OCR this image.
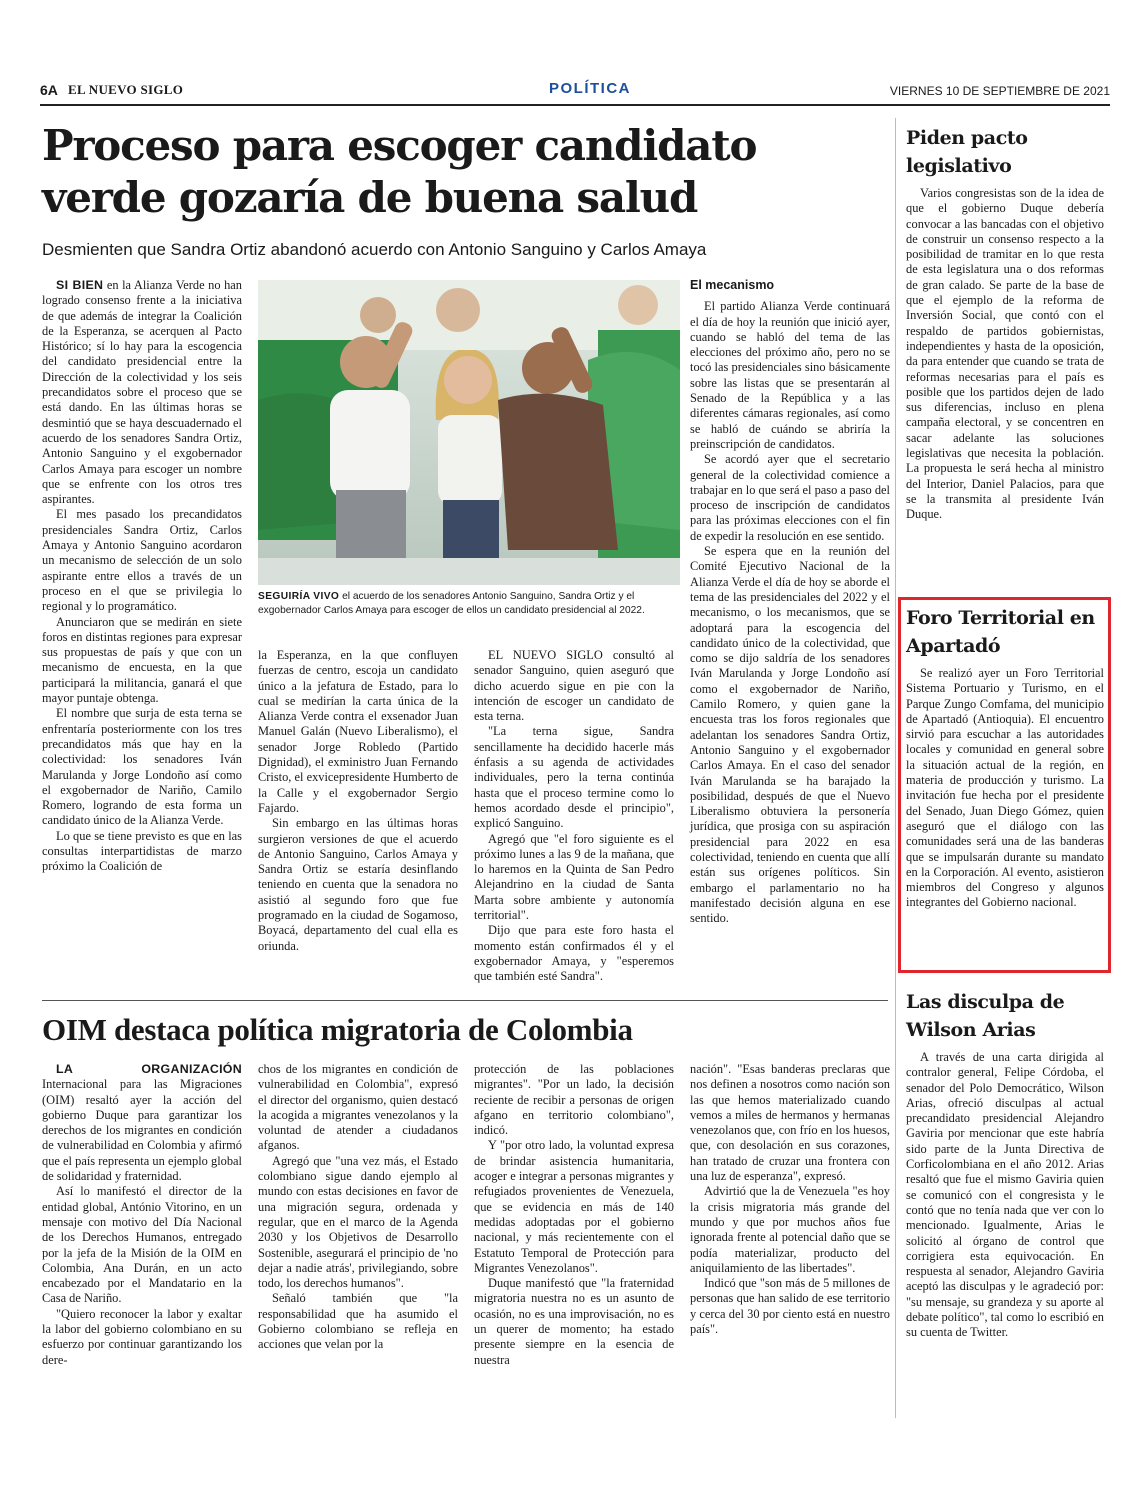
6A EL NUEVO SIGLO	POLÍTICA	VIERNES 10 DE SEPTIEMBRE DE 2021
Proceso para escoger candidato verde gozaría de buena salud
Desmienten que Sandra Ortiz abandonó acuerdo con Antonio Sanguino y Carlos Amaya

SI BIEN en la Alianza Verde no han logrado consenso frente a la iniciativa de que además de integrar la Coalición de la Esperanza, se acerquen al Pacto Histórico; sí lo hay para la escogencia del candidato presidencial entre la Dirección de la colectividad y los seis precandidatos sobre el proceso que se está dando. En las últimas horas se desmintió que se haya descuadernado el acuerdo de los senadores Sandra Ortiz, Antonio Sanguino y el exgobernador Carlos Amaya para escoger un nombre que se enfrente con los otros tres aspirantes.

El mes pasado los precandidatos presidenciales Sandra Ortiz, Carlos Amaya y Antonio Sanguino acordaron un mecanismo de selección de un solo aspirante entre ellos a través de un proceso en el que se privilegia lo regional y lo programático.

Anunciaron que se medirán en siete foros en distintas regiones para expresar sus propuestas de país y que con un mecanismo de encuesta, en la que participará la militancia, ganará el que mayor puntaje obtenga.

El nombre que surja de esta terna se enfrentaría posteriormente con los tres precandidatos más que hay en la colectividad: los senadores Iván Marulanda y Jorge Londoño así como el exgobernador de Nariño, Camilo Romero, logrando de esta forma un candidato único de la Alianza Verde.

Lo que se tiene previsto es que en las consultas interpartidistas de marzo próximo la Coalición de

SEGUIRÍA VIVO el acuerdo de los senadores Antonio Sanguino, Sandra Ortiz y el exgobernador Carlos Amaya para escoger de ellos un candidato presidencial al 2022.

la Esperanza, en la que confluyen fuerzas de centro, escoja un candidato único a la jefatura de Estado, para lo cual se medirían la carta única de la Alianza Verde contra el exsenador Juan Manuel Galán (Nuevo Liberalismo), el senador Jorge Robledo (Partido Dignidad), el exministro Juan Fernando Cristo, el exvicepresidente Humberto de la Calle y el exgobernador Sergio Fajardo.

Sin embargo en las últimas horas surgieron versiones de que el acuerdo de Antonio Sanguino, Carlos Amaya y Sandra Ortiz se estaría desinflando teniendo en cuenta que la senadora no asistió al segundo foro que fue programado en la ciudad de Sogamoso, Boyacá, departamento del cual ella es oriunda.

EL NUEVO SIGLO consultó al senador Sanguino, quien aseguró que dicho acuerdo sigue en pie con la intención de escoger un candidato de esta terna.

"La terna sigue, Sandra sencillamente ha decidido hacerle más énfasis a su agenda de actividades individuales, pero la terna continúa hasta que el proceso termine como lo hemos acordado desde el principio", explicó Sanguino.

Agregó que "el foro siguiente es el próximo lunes a las 9 de la mañana, que lo haremos en la Quinta de San Pedro Alejandrino en la ciudad de Santa Marta sobre ambiente y autonomía territorial".

Dijo que para este foro hasta el momento están confirmados él y el exgobernador Amaya, y "esperemos que también esté Sandra".

El mecanismo

El partido Alianza Verde continuará el día de hoy la reunión que inició ayer, cuando se habló del tema de las elecciones del próximo año, pero no se tocó las presidenciales sino básicamente sobre las listas que se presentarán al Senado de la República y a las diferentes cámaras regionales, así como se habló de cuándo se abriría la preinscripción de candidatos.

Se acordó ayer que el secretario general de la colectividad comience a trabajar en lo que será el paso a paso del proceso de inscripción de candidatos para las próximas elecciones con el fin de expedir la resolución en ese sentido.

Se espera que en la reunión del Comité Ejecutivo Nacional de la Alianza Verde el día de hoy se aborde el tema de las presidenciales del 2022 y el mecanismo, o los mecanismos, que se adoptará para la escogencia del candidato único de la colectividad, que como se dijo saldría de los senadores Iván Marulanda y Jorge Londoño así como el exgobernador de Nariño, Camilo Romero, y quien gane la encuesta tras los foros regionales que adelantan los senadores Sandra Ortiz, Antonio Sanguino y el exgobernador Carlos Amaya. En el caso del senador Iván Marulanda se ha barajado la posibilidad, después de que el Nuevo Liberalismo obtuviera la personería jurídica, que prosiga con su aspiración presidencial para 2022 en esa colectividad, teniendo en cuenta que allí están sus orígenes políticos. Sin embargo el parlamentario no ha manifestado decisión alguna en ese sentido.

OIM destaca política migratoria de Colombia

LA ORGANIZACIÓN Internacional para las Migraciones (OIM) resaltó ayer la acción del gobierno Duque para garantizar los derechos de los migrantes en condición de vulnerabilidad en Colombia y afirmó que el país representa un ejemplo global de solidaridad y fraternidad.

Así lo manifestó el director de la entidad global, António Vitorino, en un mensaje con motivo del Día Nacional de los Derechos Humanos, entregado por la jefa de la Misión de la OIM en Colombia, Ana Durán, en un acto encabezado por el Mandatario en la Casa de Nariño.

"Quiero reconocer la labor y exaltar la labor del gobierno colombiano en su esfuerzo por continuar garantizando los dere-

chos de los migrantes en condición de vulnerabilidad en Colombia", expresó el director del organismo, quien destacó la acogida a migrantes venezolanos y la voluntad de atender a ciudadanos afganos.

Agregó que "una vez más, el Estado colombiano sigue dando ejemplo al mundo con estas decisiones en favor de una migración segura, ordenada y regular, que en el marco de la Agenda 2030 y los Objetivos de Desarrollo Sostenible, asegurará el principio de 'no dejar a nadie atrás', privilegiando, sobre todo, los derechos humanos".

Señaló también que "la responsabilidad que ha asumido el Gobierno colombiano se refleja en acciones que velan por la

protección de las poblaciones migrantes". "Por un lado, la decisión reciente de recibir a personas de origen afgano en territorio colombiano", indicó.

Y "por otro lado, la voluntad expresa de brindar asistencia humanitaria, acoger e integrar a personas migrantes y refugiados provenientes de Venezuela, que se evidencia en más de 140 medidas adoptadas por el gobierno nacional, y más recientemente con el Estatuto Temporal de Protección para Migrantes Venezolanos".

Duque manifestó que "la fraternidad migratoria nuestra no es un asunto de ocasión, no es una improvisación, no es un querer de momento; ha estado presente siempre en la esencia de nuestra

nación". "Esas banderas preclaras que nos definen a nosotros como nación son las que hemos materializado cuando vemos a miles de hermanos y hermanas venezolanos que, con frío en los huesos, que, con desolación en sus corazones, han tratado de cruzar una frontera con una luz de esperanza", expresó.

Advirtió que la de Venezuela "es hoy la crisis migratoria más grande del mundo y que por muchos años fue ignorada frente al potencial daño que se podía materializar, producto del aniquilamiento de las libertades".

Indicó que "son más de 5 millones de personas que han salido de ese territorio y cerca del 30 por ciento está en nuestro país".

Piden pacto legislativo

Varios congresistas son de la idea de que el gobierno Duque debería convocar a las bancadas con el objetivo de construir un consenso respecto a la posibilidad de tramitar en lo que resta de esta legislatura una o dos reformas de gran calado. Se parte de la base de que el ejemplo de la reforma de Inversión Social, que contó con el respaldo de partidos gobiernistas, independientes y hasta de la oposición, da para entender que cuando se trata de reformas necesarias para el país es posible que los partidos dejen de lado sus diferencias, incluso en plena campaña electoral, y se concentren en sacar adelante las soluciones legislativas que necesita la población. La propuesta le será hecha al ministro del Interior, Daniel Palacios, para que se la transmita al presidente Iván Duque.

Foro Territorial en Apartadó

Se realizó ayer un Foro Territorial Sistema Portuario y Turismo, en el Parque Zungo Comfama, del municipio de Apartadó (Antioquia). El encuentro sirvió para escuchar a las autoridades locales y comunidad en general sobre la situación actual de la región, en materia de producción y turismo. La invitación fue hecha por el presidente del Senado, Juan Diego Gómez, quien aseguró que el diálogo con las comunidades será una de las banderas que se impulsarán durante su mandato en la Corporación. Al evento, asistieron miembros del Congreso y algunos integrantes del Gobierno nacional.

Las disculpa de Wilson Arias

A través de una carta dirigida al contralor general, Felipe Córdoba, el senador del Polo Democrático, Wilson Arias, ofreció disculpas al actual precandidato presidencial Alejandro Gaviria por mencionar que este habría sido parte de la Junta Directiva de Corficolombiana en el año 2012. Arias resaltó que fue el mismo Gaviria quien se comunicó con el congresista y le contó que no tenía nada que ver con lo mencionado. Igualmente, Arias le solicitó al órgano de control que corrigiera esta equivocación. En respuesta al senador, Alejandro Gaviria aceptó las disculpas y le agradeció por: "su mensaje, su grandeza y su aporte al debate político", tal como lo escribió en su cuenta de Twitter.
